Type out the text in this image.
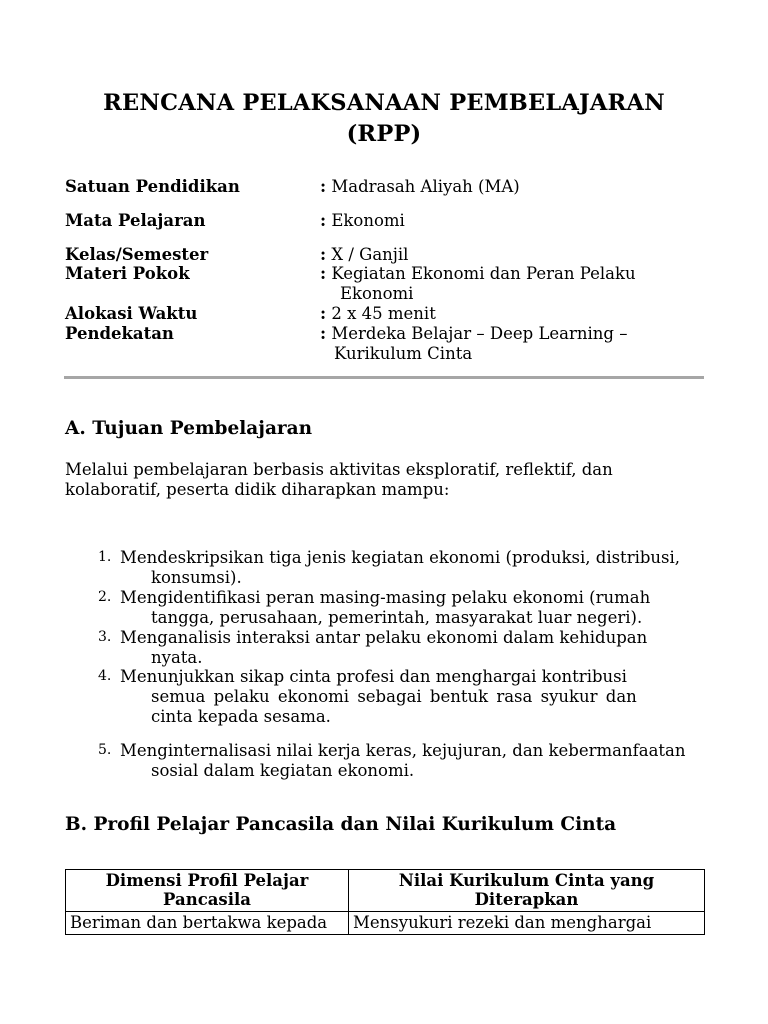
RENCANA PELAKSANAAN PEMBELAJARAN
(RPP)
Satuan Pendidikan	: Madrasah Aliyah (MA)
Mata Pelajaran	: Ekonomi
Kelas/Semester	: X / Ganjil
Materi Pokok	: Kegiatan Ekonomi dan Peran Pelaku
Ekonomi
Alokasi Waktu	: 2 x 45 menit
Pendekatan	: Merdeka Belajar – Deep Learning –
Kurikulum Cinta
A. Tujuan Pembelajaran
Melalui pembelajaran berbasis aktivitas eksploratif, reflektif, dan
kolaboratif, peserta didik diharapkan mampu:
1. Mendeskripsikan tiga jenis kegiatan ekonomi (produksi, distribusi,
konsumsi).
2. Mengidentifikasi peran masing-masing pelaku ekonomi (rumah
tangga, perusahaan, pemerintah, masyarakat luar negeri).
3. Menganalisis interaksi antar pelaku ekonomi dalam kehidupan
nyata.
4. Menunjukkan sikap cinta profesi dan menghargai kontribusi
semua pelaku ekonomi sebagai bentuk rasa syukur dan
cinta kepada sesama.
5. Menginternalisasi nilai kerja keras, kejujuran, dan kebermanfaatan
sosial dalam kegiatan ekonomi.
B. Profil Pelajar Pancasila dan Nilai Kurikulum Cinta
Dimensi Profil Pelajar Pancasila	Nilai Kurikulum Cinta yang Diterapkan
Beriman dan bertakwa kepada	Mensyukuri rezeki dan menghargai
